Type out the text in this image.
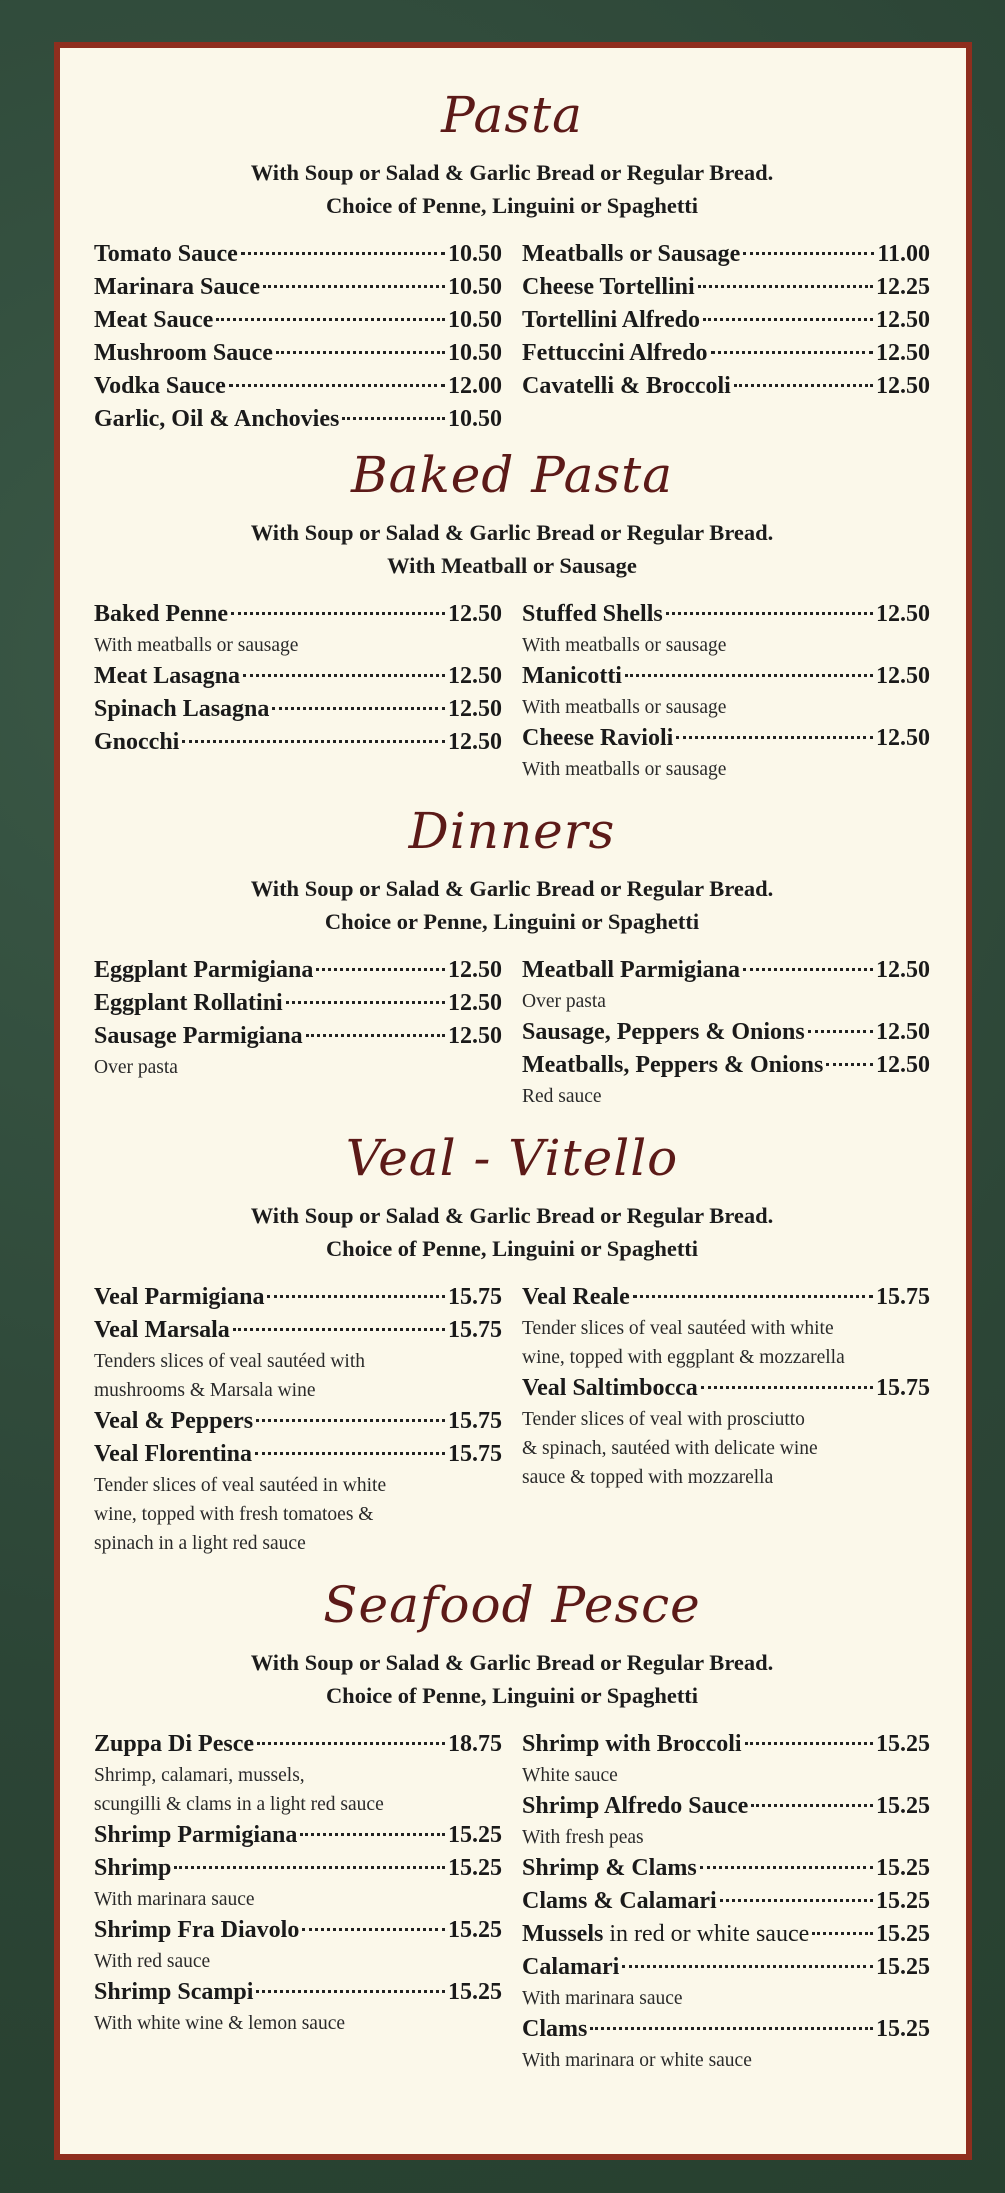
Pasta
With Soup or Salad & Garlic Bread or Regular Bread.
Choice of Penne, Linguini or Spaghetti
Tomato Sauce	10.50
Marinara Sauce	10.50
Meat Sauce	10.50
Mushroom Sauce	10.50
Vodka Sauce	12.00
Garlic, Oil & Anchovies	10.50
Meatballs or Sausage	11.00
Cheese Tortellini	12.25
Tortellini Alfredo	12.50
Fettuccini Alfredo	12.50
Cavatelli & Broccoli	12.50
Baked Pasta
With Soup or Salad & Garlic Bread or Regular Bread.
With Meatball or Sausage
Baked Penne	12.50
With meatballs or sausage
Meat Lasagna	12.50
Spinach Lasagna	12.50
Gnocchi	12.50
Stuffed Shells	12.50
With meatballs or sausage
Manicotti	12.50
With meatballs or sausage
Cheese Ravioli	12.50
With meatballs or sausage
Dinners
With Soup or Salad & Garlic Bread or Regular Bread.
Choice or Penne, Linguini or Spaghetti
Eggplant Parmigiana	12.50
Eggplant Rollatini	12.50
Sausage Parmigiana	12.50
Over pasta
Meatball Parmigiana	12.50
Over pasta
Sausage, Peppers & Onions	12.50
Meatballs, Peppers & Onions 12.50
Red sauce
Veal - Vitello
With Soup or Salad & Garlic Bread or Regular Bread.
Choice of Penne, Linguini or Spaghetti
Veal Parmigiana	15.75
Veal Marsala	15.75
Tenders slices of veal sautéed with
mushrooms & Marsala wine
Veal & Peppers	15.75
Veal Florentina	15.75
Tender slices of veal sautéed in white
wine, topped with fresh tomatoes &
spinach in a light red sauce
Veal Reale	15.75
Tender slices of veal sautéed with white
wine, topped with eggplant & mozzarella
Veal Saltimbocca	15.75
Tender slices of veal with prosciutto
& spinach, sautéed with delicate wine
sauce & topped with mozzarella
Seafood Pesce
With Soup or Salad & Garlic Bread or Regular Bread.
Choice of Penne, Linguini or Spaghetti
Zuppa Di Pesce	18.75
Shrimp, calamari, mussels,
scungilli & clams in a light red sauce
Shrimp Parmigiana	15.25
Shrimp	15.25
With marinara sauce
Shrimp Fra Diavolo	15.25
With red sauce
Shrimp Scampi	15.25
With white wine & lemon sauce
Shrimp with Broccoli	15.25
White sauce
Shrimp Alfredo Sauce	15.25
With fresh peas
Shrimp & Clams	15.25
Clams & Calamari	15.25
Mussels in red or white sauce	15.25
Calamari	15.25
With marinara sauce
Clams	15.25
With marinara or white sauce
